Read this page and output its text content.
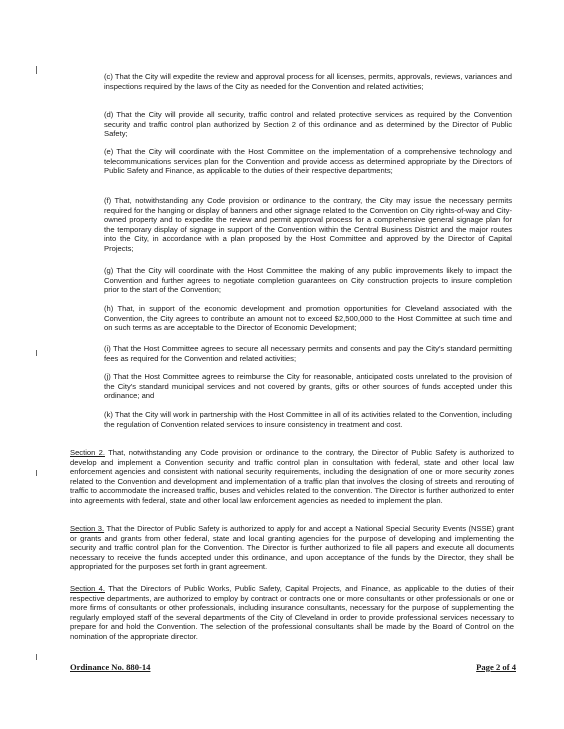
(c) That the City will expedite the review and approval process for all licenses, permits, approvals, reviews, variances and inspections required by the laws of the City as needed for the Convention and related activities;

(d) That the City will provide all security, traffic control and related protective services as required by the Convention security and traffic control plan authorized by Section 2 of this ordinance and as determined by the Director of Public Safety;

(e) That the City will coordinate with the Host Committee on the implementation of a comprehensive technology and telecommunications services plan for the Convention and provide access as determined appropriate by the Directors of Public Safety and Finance, as applicable to the duties of their respective departments;

(f) That, notwithstanding any Code provision or ordinance to the contrary, the City may issue the necessary permits required for the hanging or display of banners and other signage related to the Convention on City rights-of-way and City-owned property and to expedite the review and permit approval process for a comprehensive general signage plan for the temporary display of signage in support of the Convention within the Central Business District and the major routes into the City, in accordance with a plan proposed by the Host Committee and approved by the Director of Capital Projects;

(g) That the City will coordinate with the Host Committee the making of any public improvements likely to impact the Convention and further agrees to negotiate completion guarantees on City construction projects to insure completion prior to the start of the Convention;

(h) That, in support of the economic development and promotion opportunities for Cleveland associated with the Convention, the City agrees to contribute an amount not to exceed $2,500,000 to the Host Committee at such time and on such terms as are acceptable to the Director of Economic Development;

(i) That the Host Committee agrees to secure all necessary permits and consents and pay the City's standard permitting fees as required for the Convention and related activities;

(j) That the Host Committee agrees to reimburse the City for reasonable, anticipated costs unrelated to the provision of the City's standard municipal services and not covered by grants, gifts or other sources of funds accepted under this ordinance; and

(k) That the City will work in partnership with the Host Committee in all of its activities related to the Convention, including the regulation of Convention related services to insure consistency in treatment and cost.

Section 2. That, notwithstanding any Code provision or ordinance to the contrary, the Director of Public Safety is authorized to develop and implement a Convention security and traffic control plan in consultation with federal, state and other local law enforcement agencies and consistent with national security requirements, including the designation of one or more security zones related to the Convention and development and implementation of a traffic plan that involves the closing of streets and rerouting of traffic to accommodate the increased traffic, buses and vehicles related to the convention. The Director is further authorized to enter into agreements with federal, state and other local law enforcement agencies as needed to implement the plan.

Section 3. That the Director of Public Safety is authorized to apply for and accept a National Special Security Events (NSSE) grant or grants and grants from other federal, state and local granting agencies for the purpose of developing and implementing the security and traffic control plan for the Convention. The Director is further authorized to file all papers and execute all documents necessary to receive the funds accepted under this ordinance, and upon acceptance of the funds by the Director, they shall be appropriated for the purposes set forth in grant agreement.

Section 4. That the Directors of Public Works, Public Safety, Capital Projects, and Finance, as applicable to the duties of their respective departments, are authorized to employ by contract or contracts one or more consultants or other professionals or one or more firms of consultants or other professionals, including insurance consultants, necessary for the purpose of supplementing the regularly employed staff of the several departments of the City of Cleveland in order to provide professional services necessary to prepare for and hold the Convention. The selection of the professional consultants shall be made by the Board of Control on the nomination of the appropriate director.

Ordinance No. 880-14	Page 2 of 4
